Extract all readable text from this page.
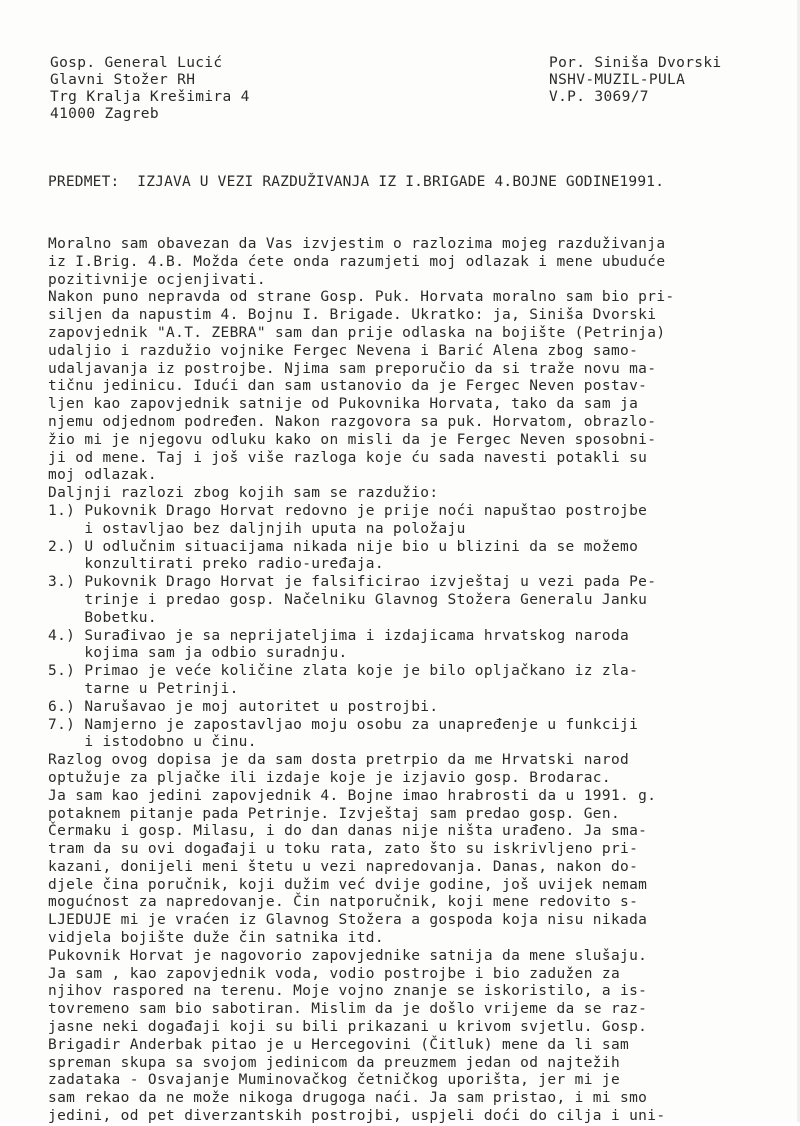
Gosp. General Lucić
Glavni Stožer RH
Trg Kralja Krešimira 4
41000 Zagreb
Por. Siniša Dvorski
NSHV-MUZIL-PULA
V.P. 3069/7
PREDMET:  IZJAVA U VEZI RAZDUŽIVANJA IZ I.BRIGADE 4.BOJNE GODINE1991.
Moralno sam obavezan da Vas izvjestim o razlozima mojeg razduživanja
iz I.Brig. 4.B. Možda ćete onda razumjeti moj odlazak i mene ubuduće
pozitivnije ocjenjivati.
Nakon puno nepravda od strane Gosp. Puk. Horvata moralno sam bio pri-
siljen da napustim 4. Bojnu I. Brigade. Ukratko: ja, Siniša Dvorski
zapovjednik "A.T. ZEBRA" sam dan prije odlaska na bojište (Petrinja)
udaljio i razdužio vojnike Fergec Nevena i Barić Alena zbog samo-
udaljavanja iz postrojbe. Njima sam preporučio da si traže novu ma-
tičnu jedinicu. Idući dan sam ustanovio da je Fergec Neven postav-
ljen kao zapovjednik satnije od Pukovnika Horvata, tako da sam ja
njemu odjednom podređen. Nakon razgovora sa puk. Horvatom, obrazlo-
žio mi je njegovu odluku kako on misli da je Fergec Neven sposobni-
ji od mene. Taj i još više razloga koje ću sada navesti potakli su
moj odlazak.
Daljnji razlozi zbog kojih sam se razdužio:
1.) Pukovnik Drago Horvat redovno je prije noći napuštao postrojbe
i ostavljao bez daljnjih uputa na položaju
2.) U odlučnim situacijama nikada nije bio u blizini da se možemo
konzultirati preko radio-uređaja.
3.) Pukovnik Drago Horvat je falsificirao izvještaj u vezi pada Pe-
trinje i predao gosp. Načelniku Glavnog Stožera Generalu Janku
Bobetku.
4.) Surađivao je sa neprijateljima i izdajicama hrvatskog naroda
kojima sam ja odbio suradnju.
5.) Primao je veće količine zlata koje je bilo opljačkano iz zla-
tarne u Petrinji.
6.) Narušavao je moj autoritet u postrojbi.
7.) Namjerno je zapostavljao moju osobu za unapređenje u funkciji
i istodobno u činu.
Razlog ovog dopisa je da sam dosta pretrpio da me Hrvatski narod
optužuje za pljačke ili izdaje koje je izjavio gosp. Brodarac.
Ja sam kao jedini zapovjednik 4. Bojne imao hrabrosti da u 1991. g.
potaknem pitanje pada Petrinje. Izvještaj sam predao gosp. Gen.
Čermaku i gosp. Milasu, i do dan danas nije ništa urađeno. Ja sma-
tram da su ovi događaji u toku rata, zato što su iskrivljeno pri-
kazani, donijeli meni štetu u vezi napredovanja. Danas, nakon do-
djele čina poručnik, koji dužim već dvije godine, još uvijek nemam
mogućnost za napredovanje. Čin natporučnik, koji mene redovito s-
LJEDUJE mi je vraćen iz Glavnog Stožera a gospoda koja nisu nikada
vidjela bojište duže čin satnika itd.
Pukovnik Horvat je nagovorio zapovjednike satnija da mene slušaju.
Ja sam , kao zapovjednik voda, vodio postrojbe i bio zadužen za
njihov raspored na terenu. Moje vojno znanje se iskoristilo, a is-
tovremeno sam bio sabotiran. Mislim da je došlo vrijeme da se raz-
jasne neki događaji koji su bili prikazani u krivom svjetlu. Gosp.
Brigadir Anderbak pitao je u Hercegovini (Čitluk) mene da li sam
spreman skupa sa svojom jedinicom da preuzmem jedan od najtežih
zadataka - Osvajanje Muminovačkog četničkog uporišta, jer mi je
sam rekao da ne može nikoga drugoga naći. Ja sam pristao, i mi smo
jedini, od pet diverzantskih postrojbi, uspjeli doći do cilja i uni-
